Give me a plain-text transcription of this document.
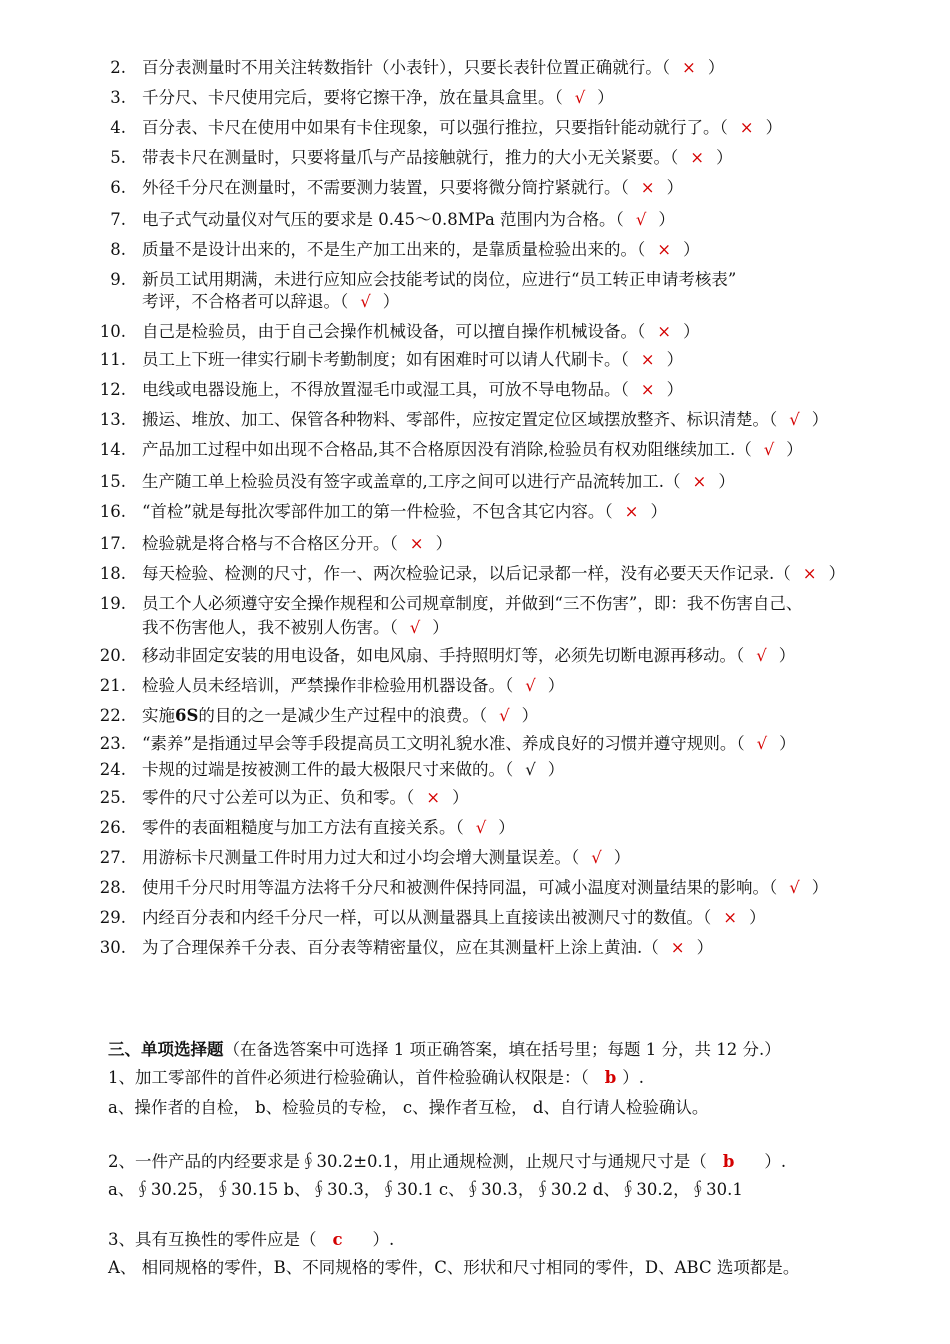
2. 百分表测量时不用关注转数指针（小表针），只要长表针位置正确就行。（ × ）
3. 千分尺、卡尺使用完后，要将它擦干净，放在量具盒里。（ √ ）
4. 百分表、卡尺在使用中如果有卡住现象，可以强行推拉，只要指针能动就行了。（ × ）
5. 带表卡尺在测量时，只要将量爪与产品接触就行，推力的大小无关紧要。（ × ）
6. 外径千分尺在测量时，不需要测力装置，只要将微分筒拧紧就行。（ × ）
7. 电子式气动量仪对气压的要求是 0.45～0.8MPa 范围内为合格。（ √ ）
8. 质量不是设计出来的，不是生产加工出来的，是靠质量检验出来的。（ × ）
9. 新员工试用期满，未进行应知应会技能考试的岗位，应进行“员工转正申请考核表”
考评，不合格者可以辞退。（ √ ）
10. 自己是检验员，由于自己会操作机械设备，可以擅自操作机械设备。（ × ）
11. 员工上下班一律实行刷卡考勤制度；如有困难时可以请人代刷卡。（ × ）
12. 电线或电器设施上，不得放置湿毛巾或湿工具，可放不导电物品。（ × ）
13. 搬运、堆放、加工、保管各种物料、零部件，应按定置定位区域摆放整齐、标识清楚。（ √ ）
14. 产品加工过程中如出现不合格品,其不合格原因没有消除,检验员有权劝阻继续加工.（ √ ）
15. 生产随工单上检验员没有签字或盖章的,工序之间可以进行产品流转加工.（ × ）
16. “首检”就是每批次零部件加工的第一件检验，不包含其它内容。（ × ）
17. 检验就是将合格与不合格区分开。（ × ）
18. 每天检验、检测的尺寸，作一、两次检验记录，以后记录都一样，没有必要天天作记录.（ × ）
19. 员工个人必须遵守安全操作规程和公司规章制度，并做到“三不伤害”，即：我不伤害自己、
我不伤害他人，我不被别人伤害。（ √ ）
20. 移动非固定安装的用电设备，如电风扇、手持照明灯等，必须先切断电源再移动。（ √ ）
21. 检验人员未经培训，严禁操作非检验用机器设备。（ √ ）
22. 实施6S的目的之一是减少生产过程中的浪费。（ √ ）
23. “素养”是指通过早会等手段提高员工文明礼貌水准、养成良好的习惯并遵守规则。（ √ ）
24. 卡规的过端是按被测工件的最大极限尺寸来做的。（ √ ）
25. 零件的尺寸公差可以为正、负和零。（ × ）
26. 零件的表面粗糙度与加工方法有直接关系。（ √ ）
27. 用游标卡尺测量工件时用力过大和过小均会增大测量误差。（ √ ）
28. 使用千分尺时用等温方法将千分尺和被测件保持同温，可减小温度对测量结果的影响。（ √ ）
29. 内经百分表和内经千分尺一样，可以从测量器具上直接读出被测尺寸的数值。（ × ）
30. 为了合理保养千分表、百分表等精密量仪，应在其测量杆上涂上黄油.（ × ）
三、单项选择题（在备选答案中可选择 1 项正确答案，填在括号里；每题 1 分，共 12 分.）
1、加工零部件的首件必须进行检验确认，首件检验确认权限是：（ b ）.
a、操作者的自检， b、检验员的专检， c、操作者互检， d、自行请人检验确认。
2、一件产品的内经要求是∮30.2±0.1，用止通规检测，止规尺寸与通规尺寸是（ b ）.
a、∮30.25，∮30.15 b、∮30.3，∮30.1 c、∮30.3，∮30.2 d、∮30.2，∮30.1
3、具有互换性的零件应是（ c ）.
A、 相同规格的零件，B、不同规格的零件，C、形状和尺寸相同的零件，D、ABC 选项都是。
